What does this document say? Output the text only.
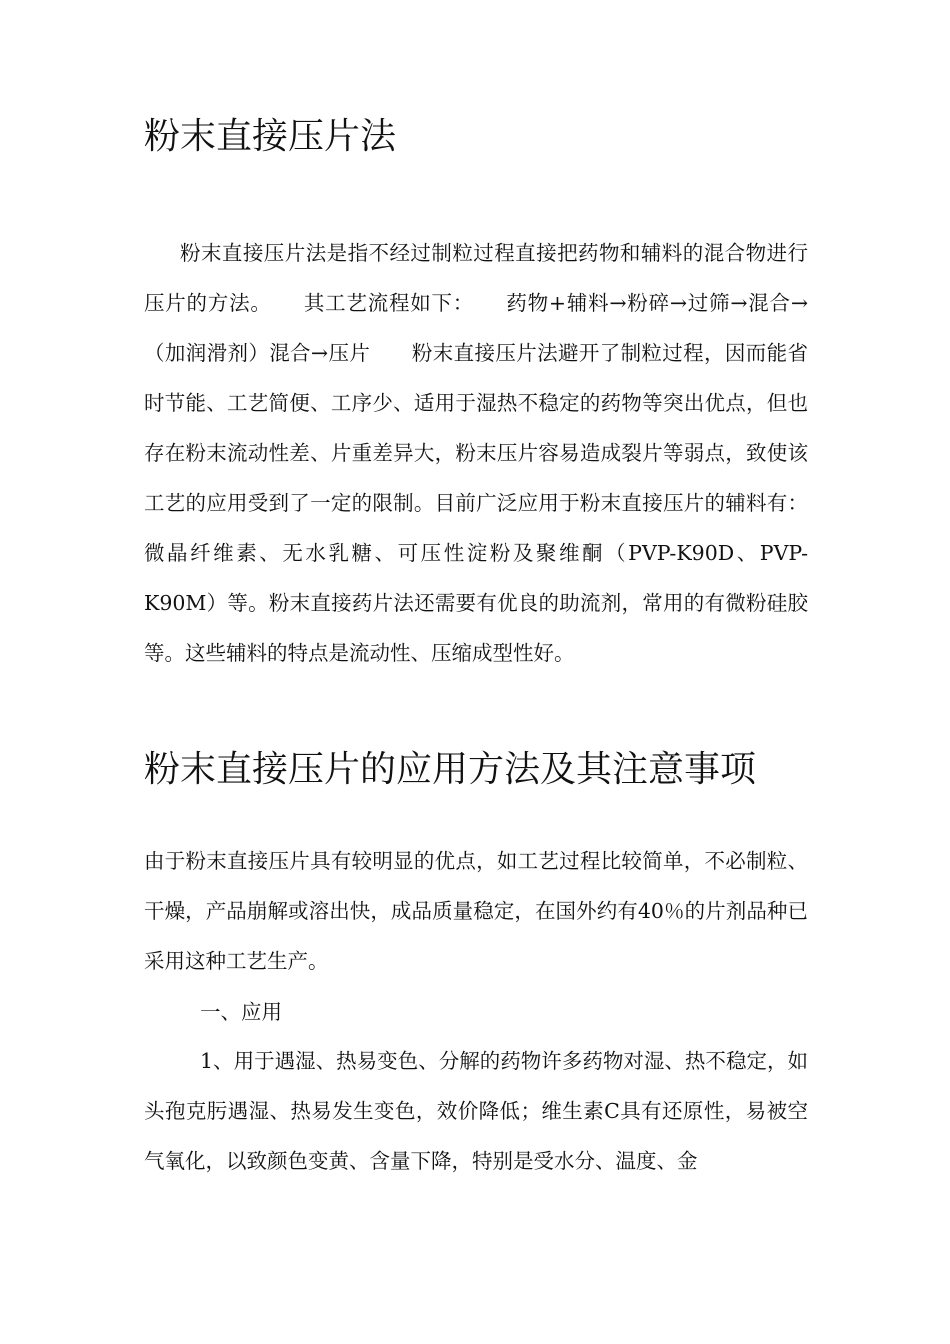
粉末直接压片法

粉末直接压片法是指不经过制粒过程直接把药物和辅料的混合物进行压片的方法。　　其工艺流程如下：　　药物+辅料→粉碎→过筛→混合→（加润滑剂）混合→压片　　粉末直接压片法避开了制粒过程，因而能省时节能、工艺简便、工序少、适用于湿热不稳定的药物等突出优点，但也存在粉末流动性差、片重差异大，粉末压片容易造成裂片等弱点，致使该工艺的应用受到了一定的限制。目前广泛应用于粉末直接压片的辅料有：微晶纤维素、无水乳糖、可压性淀粉及聚维酮（PVP-K90D、PVP-K90M）等。粉末直接药片法还需要有优良的助流剂，常用的有微粉硅胶等。这些辅料的特点是流动性、压缩成型性好。

粉末直接压片的应用方法及其注意事项

由于粉末直接压片具有较明显的优点，如工艺过程比较简单，不必制粒、干燥，产品崩解或溶出快，成品质量稳定，在国外约有40％的片剂品种已采用这种工艺生产。

一、应用

1、用于遇湿、热易变色、分解的药物许多药物对湿、热不稳定，如头孢克肟遇湿、热易发生变色，效价降低；维生素C具有还原性，易被空气氧化，以致颜色变黄、含量下降，特别是受水分、温度、金
